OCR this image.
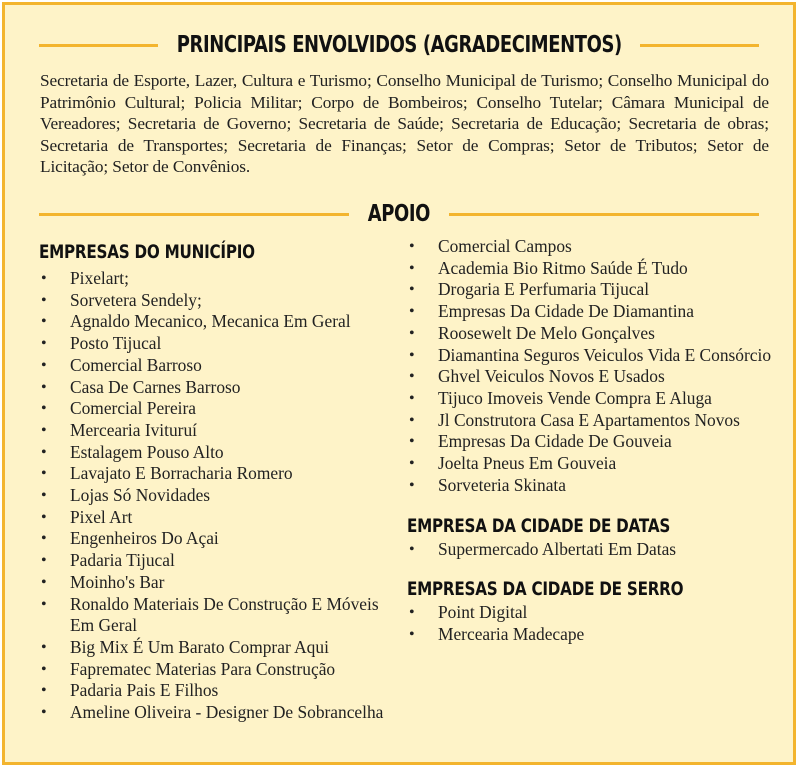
PRINCIPAIS ENVOLVIDOS (AGRADECIMENTOS)
Secretaria de Esporte, Lazer, Cultura e Turismo; Conselho Municipal de Turismo; Conselho Municipal do Patrimônio Cultural; Policia Militar; Corpo de Bombeiros; Conselho Tutelar; Câmara Municipal de Vereadores; Secretaria de Governo; Secretaria de Saúde; Secretaria de Educação; Secretaria de obras; Secretaria de Transportes; Secretaria de Finanças; Setor de Compras; Setor de Tributos; Setor de Licitação; Setor de Convênios.
APOIO
EMPRESAS DO MUNICÍPIO
• Pixelart;
• Sorvetera Sendely;
• Agnaldo Mecanico, Mecanica Em Geral
• Posto Tijucal
• Comercial Barroso
• Casa De Carnes Barroso
• Comercial Pereira
• Mercearia Ivituruí
• Estalagem Pouso Alto
• Lavajato E Borracharia Romero
• Lojas Só Novidades
• Pixel Art
• Engenheiros Do Açai
• Padaria Tijucal
• Moinho's Bar
• Ronaldo Materiais De Construção E Móveis Em Geral
• Big Mix É Um Barato Comprar Aqui
• Faprematec Materias Para Construção
• Padaria Pais E Filhos
• Ameline Oliveira - Designer De Sobrancelha
• Comercial Campos
• Academia Bio Ritmo Saúde É Tudo
• Drogaria E Perfumaria Tijucal
• Empresas Da Cidade De Diamantina
• Roosewelt De Melo Gonçalves
• Diamantina Seguros Veiculos Vida E Consórcio
• Ghvel Veiculos Novos E Usados
• Tijuco Imoveis Vende Compra E Aluga
• Jl Construtora Casa E Apartamentos Novos
• Empresas Da Cidade De Gouveia
• Joelta Pneus Em Gouveia
• Sorveteria Skinata
EMPRESA DA CIDADE DE DATAS
• Supermercado Albertati Em Datas
EMPRESAS DA CIDADE DE SERRO
• Point Digital
• Mercearia Madecape
